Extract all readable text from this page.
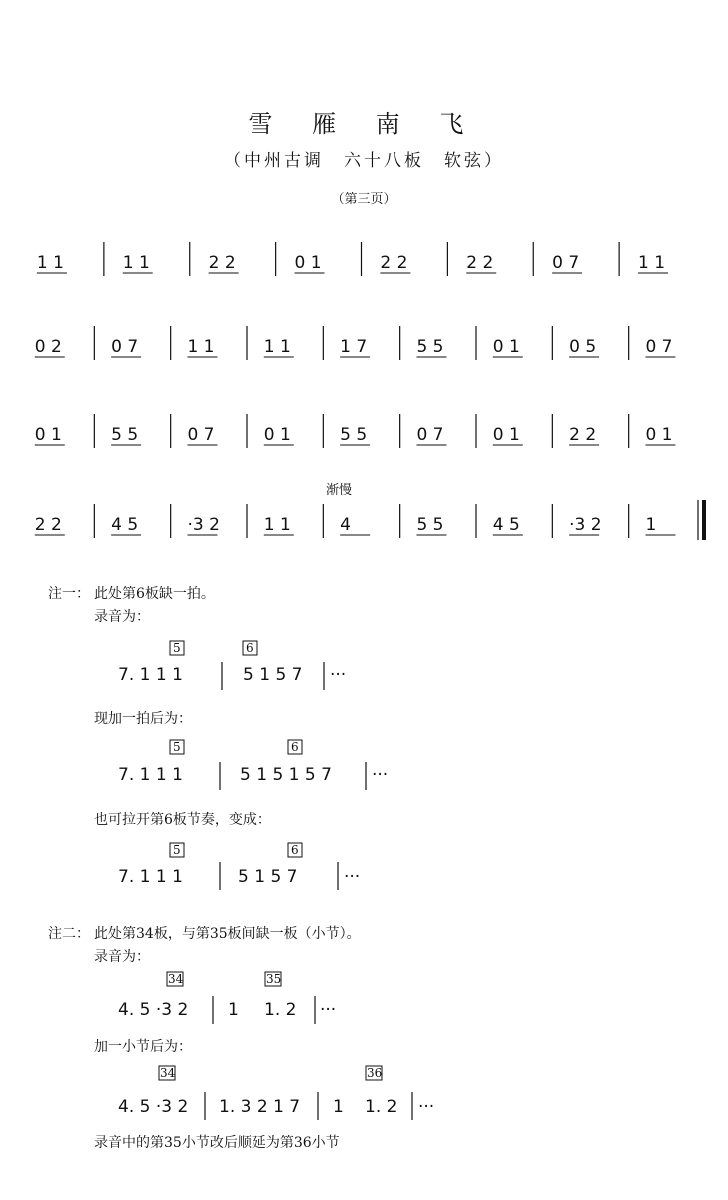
雪 雁 南 飞
（中州古调　六十八板　软弦）
（第三页）
1 1	1 1	2 2	0 1	2 2	2 2	0 7	1 1
0 2	0 7	1 1	1 1	1 7	5 5	0 1	0 5	0 7
0 1	5 5	0 7	0 1	5 5	0 7	0 1	2 2	0 1
2 2	4 5	·3 2	1 1	4	5 5	4 5	·3 2	1
渐慢
5	6
7. 1 1 1	5 1 5 7 ···
5	6
7. 1 1 1	5 1 5 1 5 7 ···
5	6
7. 1 1 1	5 1 5 7	···
34	35
4. 5 ·3 2 1 1. 2 ···
34	36
4. 5 ·3 2 1. 3 2 1 7 1 1. 2 ···
注一： 此处第6板缺一拍。
录音为：
现加一拍后为：
也可拉开第6板节奏，变成：
注二： 此处第34板，与第35板间缺一板（小节）。
录音为：
加一小节后为：
录音中的第35小节改后顺延为第36小节
